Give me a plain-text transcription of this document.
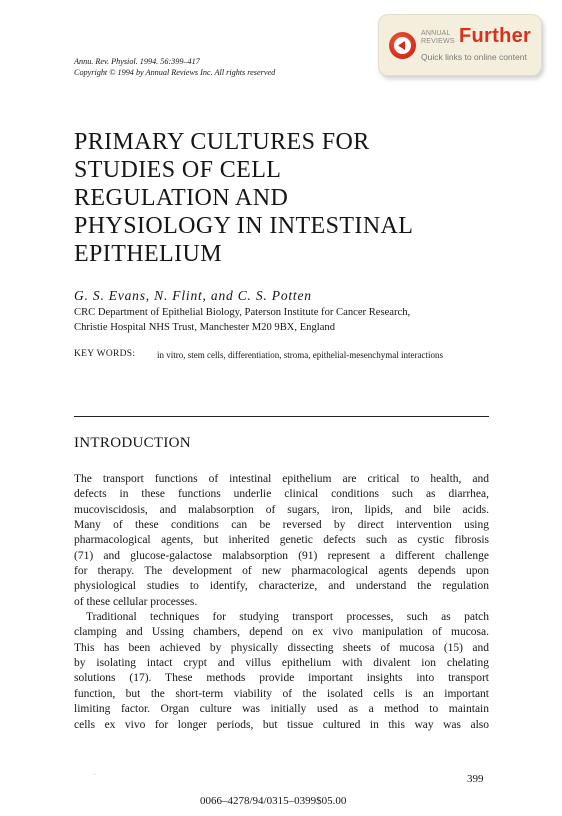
Annu. Rev. Physiol. 1994. 56:399–417
Copyright © 1994 by Annual Reviews Inc. All rights reserved
ANNUAL
REVIEWS Further
Quick links to online content
PRIMARY CULTURES FOR
STUDIES OF CELL
REGULATION AND
PHYSIOLOGY IN INTESTINAL
EPITHELIUM
G. S. Evans, N. Flint, and C. S. Potten
CRC Department of Epithelial Biology, Paterson Institute for Cancer Research,
Christie Hospital NHS Trust, Manchester M20 9BX, England
KEY WORDS: in vitro, stem cells, differentiation, stroma, epithelial-mesenchymal interactions
INTRODUCTION
The transport functions of intestinal epithelium are critical to health, and
defects in these functions underlie clinical conditions such as diarrhea,
mucoviscidosis, and malabsorption of sugars, iron, lipids, and bile acids.
Many of these conditions can be reversed by direct intervention using
pharmacological agents, but inherited genetic defects such as cystic fibrosis
(71) and glucose-galactose malabsorption (91) represent a different challenge
for therapy. The development of new pharmacological agents depends upon
physiological studies to identify, characterize, and understand the regulation
of these cellular processes.
Traditional techniques for studying transport processes, such as patch
clamping and Ussing chambers, depend on ex vivo manipulation of mucosa.
This has been achieved by physically dissecting sheets of mucosa (15) and
by isolating intact crypt and villus epithelium with divalent ion chelating
solutions (17). These methods provide important insights into transport
function, but the short-term viability of the isolated cells is an important
limiting factor. Organ culture was initially used as a method to maintain
cells ex vivo for longer periods, but tissue cultured in this way was also
·	399
0066–4278/94/0315–0399$05.00
